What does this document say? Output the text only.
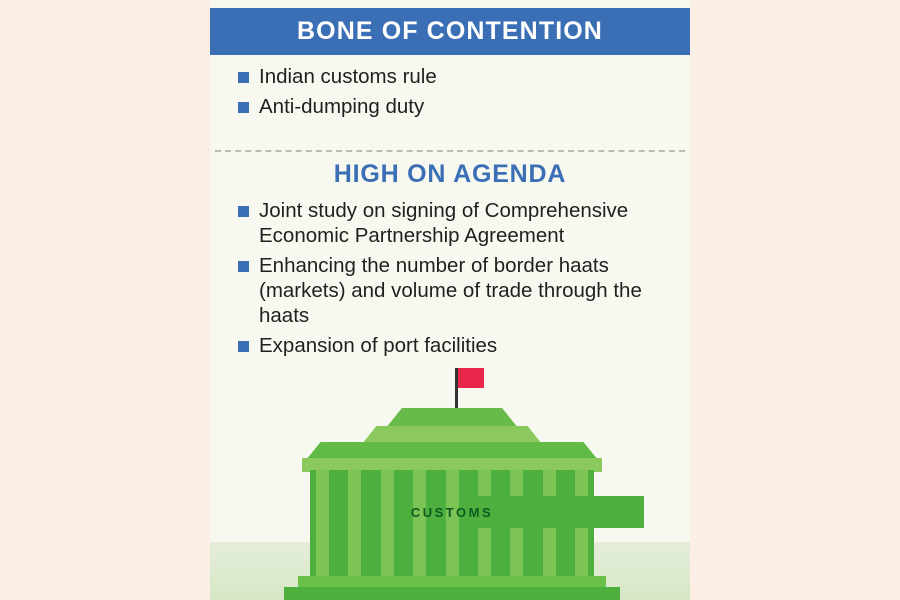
BONE OF CONTENTION
Indian customs rule
Anti-dumping duty
HIGH ON AGENDA
Joint study on signing of Comprehensive Economic Partnership Agreement
Enhancing the number of border haats (markets) and volume of trade through the haats
Expansion of port facilities
CUSTOMS
